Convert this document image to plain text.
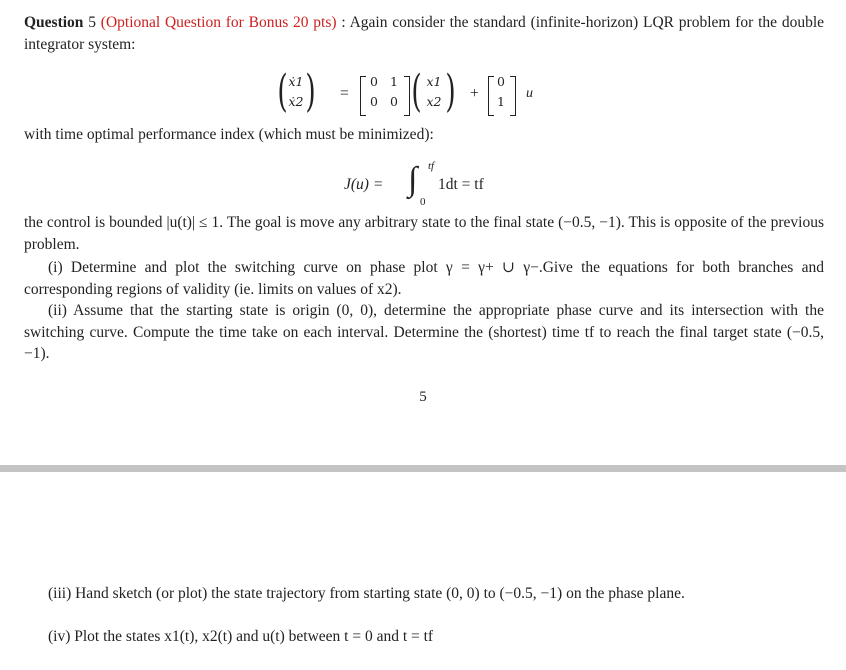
Question 5 (Optional Question for Bonus 20 pts) : Again consider the standard (infinite-horizon) LQR problem for the double integrator system:
( ẋ1
ẋ2 ) =
0 1
0 0 ( x1
x2 ) +
0
1
u
with time optimal performance index (which must be minimized):
J(u) = ∫ tf
0
1dt = tf
the control is bounded |u(t)| ≤ 1. The goal is move any arbitrary state to the final state (−0.5, −1). This is opposite of the previous problem.
(i) Determine and plot the switching curve on phase plot γ = γ+ ∪ γ−.Give the equations for both branches and corresponding regions of validity (ie. limits on values of x2).
(ii) Assume that the starting state is origin (0, 0), determine the appropriate phase curve and its intersection with the switching curve. Compute the time take on each interval. Determine the (shortest) time tf to reach the final target state (−0.5, −1).
5
(iii) Hand sketch (or plot) the state trajectory from starting state (0, 0) to (−0.5, −1) on the phase plane.
(iv) Plot the states x1(t), x2(t) and u(t) between t = 0 and t = tf
